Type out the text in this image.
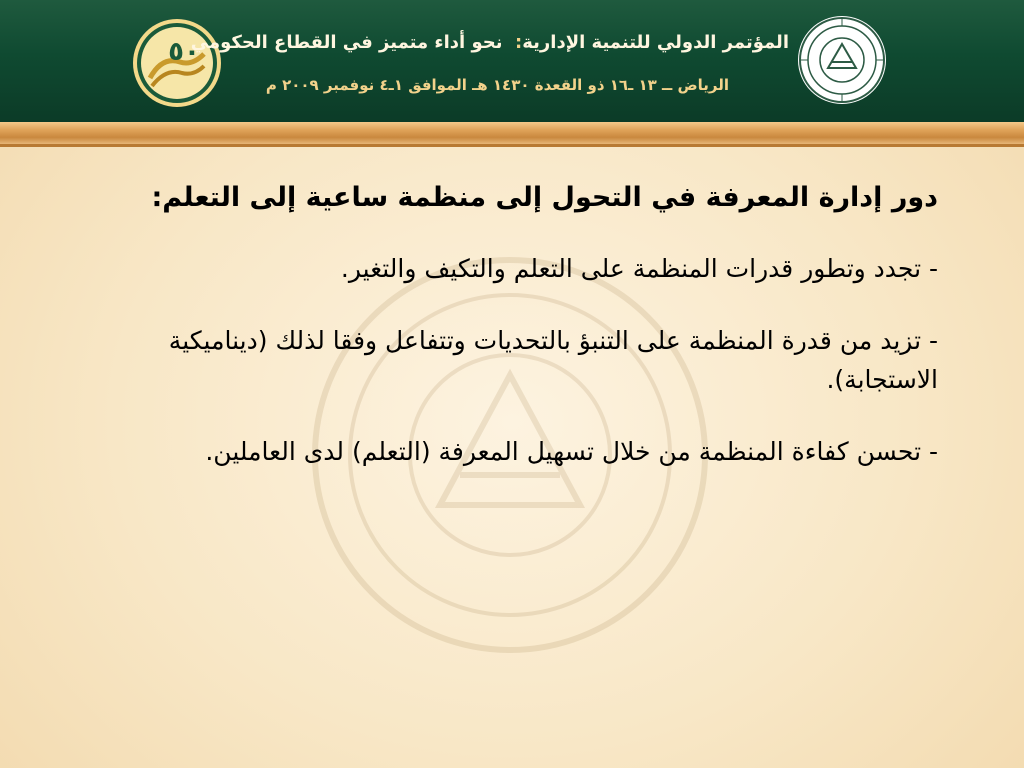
٥٠	المؤتمر الدولي للتنمية الإدارية:  نحو أداء متميز في القطاع الحكومي
الرياض ــ ١٣ ـ١٦ ذو القعدة ١٤٣٠ هـ الموافق ١ـ٤ نوفمبر ٢٠٠٩ م
دور إدارة المعرفة في التحول إلى منظمة ساعية إلى التعلم:
- تجدد وتطور قدرات المنظمة على التعلم والتكيف والتغير.
- تزيد من قدرة المنظمة على التنبؤ بالتحديات وتتفاعل وفقا لذلك (ديناميكية الاستجابة).
- تحسن كفاءة المنظمة من خلال تسهيل المعرفة (التعلم) لدى العاملين.
